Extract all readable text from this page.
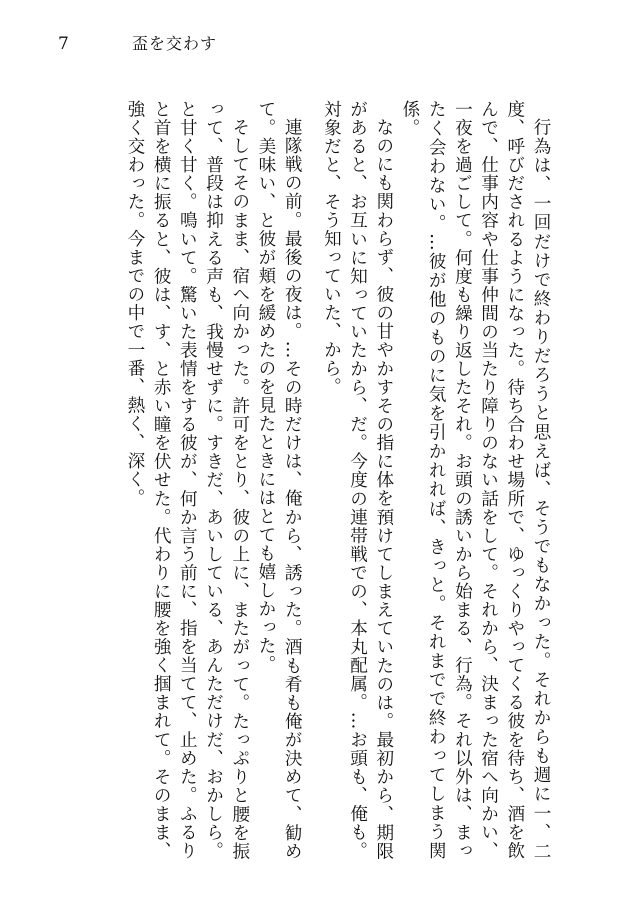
7	盃を交わす

行為は、一回だけで終わりだろうと思えば、そうでもなかった。それからも週に一、二度、呼びだされるようになった。待ち合わせ場所で、ゆっくりやってくる彼を待ち、酒を飲んで、仕事内容や仕事仲間の当たり障りのない話をして。それから、決まった宿へ向かい、一夜を過ごして。何度も繰り返したそれ。お頭の誘いから始まる、行為。それ以外は、まったく会わない。…彼が他のものに気を引かれれば、きっと。それまでで終わってしまう関係。

なのにも関わらず、彼の甘やかすその指に体を預けてしまえていたのは。最初から、期限があると、お互いに知っていたから、だ。今度の連帯戦での、本丸配属。…お頭も、俺も。対象だと、そう知っていた、から。

連隊戦の前。最後の夜は。…その時だけは、俺から、誘った。酒も肴も俺が決めて、勧めて。美味い、と彼が頬を緩めたのを見たときにはとても嬉しかった。

そしてそのまま、宿へ向かった。許可をとり、彼の上に、またがって。たっぷりと腰を振って、普段は抑える声も、我慢せずに。すきだ、あいしている、あんただけだ、おかしら。と甘く甘く。鳴いて。驚いた表情をする彼が、何か言う前に、指を当てて、止めた。ふるりと首を横に振ると、彼は、す、と赤い瞳を伏せた。代わりに腰を強く掴まれて。そのまま、強く交わった。今までの中で一番、熱く、深く。
